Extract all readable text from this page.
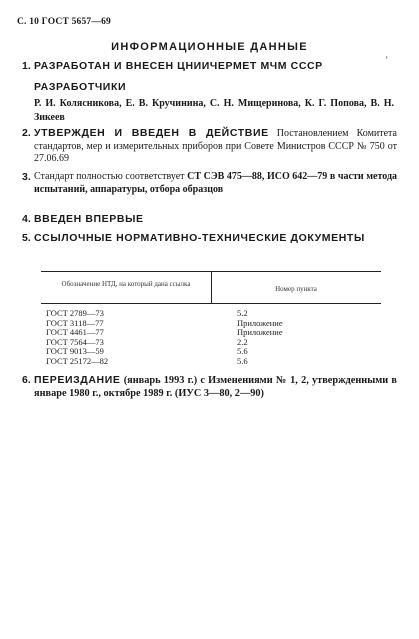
С. 10 ГОСТ 5657—69
ИНФОРМАЦИОННЫЕ ДАННЫЕ
'
1. РАЗРАБОТАН И ВНЕСЕН ЦНИИЧЕРМЕТ МЧМ СССР
РАЗРАБОТЧИКИ
Р. И. Колясникова, Е. В. Кручинина, С. Н. Мищеринова, К. Г. Попова, В. Н. Зикеев
2. УТВЕРЖДЕН И ВВЕДЕН В ДЕЙСТВИЕ Постановлением Комитета стандартов, мер и измерительных приборов при Совете Министров СССР № 750 от 27.06.69
3. Стандарт полностью соответствует СТ СЭВ 475—88, ИСО 642—79 в части метода испытаний, аппаратуры, отбора образцов
4. ВВЕДЕН ВПЕРВЫЕ
5. ССЫЛОЧНЫЕ НОРМАТИВНО-ТЕХНИЧЕСКИЕ ДОКУМЕНТЫ
Обозначение НТД, на который дана ссылка
Номер пункта
ГОСТ 2789—73	5.2
ГОСТ 3118—77	Приложение
ГОСТ 4461—77	Приложение
ГОСТ 7564—73	2.2
ГОСТ 9013—59	5.6
ГОСТ 25172—82	5.6
6. ПЕРЕИЗДАНИЕ (январь 1993 г.) с Изменениями № 1, 2, утвержденными в январе 1980 г., октябре 1989 г. (ИУС 3—80, 2—90)
